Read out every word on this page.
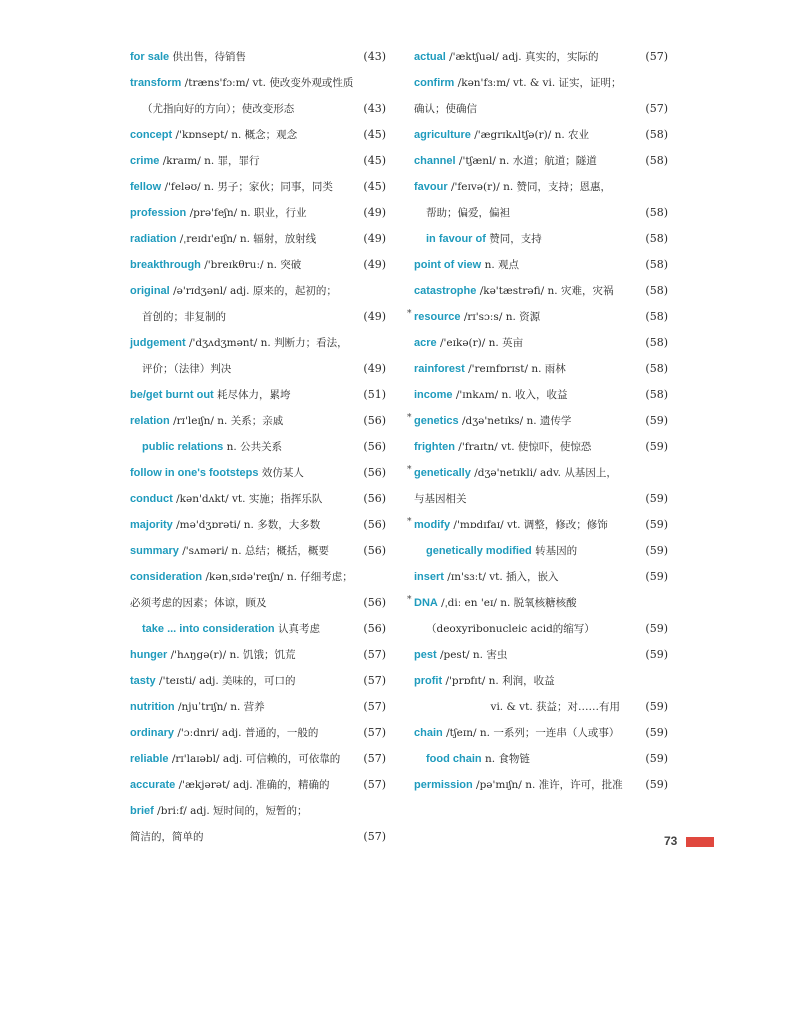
for sale 供出售，待销售	(43)
transform /træns'fɔːm/ vt. 使改变外观或性质
（尤指向好的方向）；使改变形态	(43)
concept /'kɒnsept/ n. 概念；观念	(45)
crime /kraɪm/ n. 罪，罪行	(45)
fellow /'feləʊ/ n. 男子；家伙；同事，同类	(45)
profession /prə'feʃn/ n. 职业，行业	(49)
radiation /ˌreɪdɪ'eɪʃn/ n. 辐射，放射线	(49)
breakthrough /'breɪkθruː/ n. 突破	(49)
original /ə'rɪdʒənl/ adj. 原来的，起初的；
首创的；非复制的	(49)
judgement /'dʒʌdʒmənt/ n. 判断力；看法，
评价；（法律）判决	(49)
be/get burnt out 耗尽体力，累垮	(51)
relation /rɪ'leɪʃn/ n. 关系；亲戚	(56)
public relations n. 公共关系	(56)
follow in one's footsteps 效仿某人	(56)
conduct /kən'dʌkt/ vt. 实施；指挥乐队	(56)
majority /mə'dʒɒrəti/ n. 多数，大多数	(56)
summary /'sʌməri/ n. 总结；概括，概要	(56)
consideration /kənˌsɪdə'reɪʃn/ n. 仔细考虑；
必须考虑的因素；体谅，顾及	(56)
take ... into consideration 认真考虑	(56)
hunger /'hʌŋgə(r)/ n. 饥饿；饥荒	(57)
tasty /'teɪsti/ adj. 美味的，可口的	(57)
nutrition /njuˈtrɪʃn/ n. 营养	(57)
ordinary /'ɔːdnri/ adj. 普通的，一般的	(57)
reliable /rɪ'laɪəbl/ adj. 可信赖的，可依靠的 (57)
accurate /'ækjərət/ adj. 准确的，精确的	(57)
brief /briːf/ adj. 短时间的，短暂的；
简洁的，简单的	(57)
actual /'æktʃuəl/ adj. 真实的，实际的	(57)
confirm /kən'fɜːm/ vt. & vi. 证实，证明；
确认；使确信	(57)
agriculture /'ægrɪkʌltʃə(r)/ n. 农业	(58)
channel /'tʃænl/ n. 水道；航道；隧道	(58)
favour /'feɪvə(r)/ n. 赞同，支持；恩惠，
帮助；偏爱，偏袒	(58)
in favour of 赞同，支持	(58)
point of view n. 观点	(58)
catastrophe /kə'tæstrəfi/ n. 灾难，灾祸	(58)
* resource /rɪ'sɔːs/ n. 资源	(58)
acre /'eɪkə(r)/ n. 英亩	(58)
rainforest /'reɪnfɒrɪst/ n. 雨林	(58)
income /'ɪnkʌm/ n. 收入，收益	(58)
* genetics /dʒə'netɪks/ n. 遗传学	(59)
frighten /'fraɪtn/ vt. 使惊吓，使惊恐	(59)
* genetically /dʒə'netɪkli/ adv. 从基因上，
与基因相关	(59)
* modify /'mɒdɪfaɪ/ vt. 调整，修改；修饰	(59)
genetically modified 转基因的	(59)
insert /ɪn'sɜːt/ vt. 插入，嵌入	(59)
* DNA /ˌdiː en 'eɪ/ n. 脱氧核糖核酸
（deoxyribonucleic acid的缩写）	(59)
pest /pest/ n. 害虫	(59)
profit /'prɒfɪt/ n. 利润，收益
vi. & vt. 获益；对……有用 (59)
chain /tʃeɪn/ n. 一系列；一连串（人或事） (59)
food chain n. 食物链	(59)
permission /pə'mɪʃn/ n. 准许，许可，批准 (59)
73
